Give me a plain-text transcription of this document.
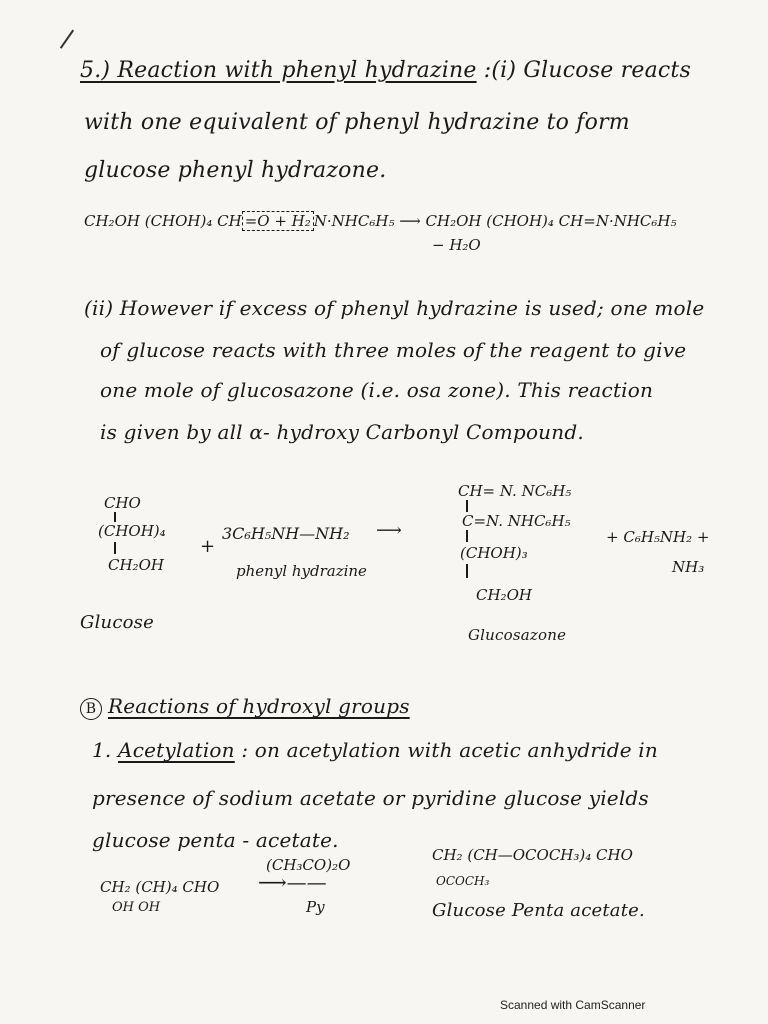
5.) Reaction with phenyl hydrazine :(i) Glucose reacts
with one equivalent of phenyl hydrazine to form
glucose phenyl hydrazone.
CH₂OH (CHOH)₄ CH =O + H₂ N·NHC₆H₅ ⟶ CH₂OH (CHOH)₄ CH=N·NHC₆H₅
− H₂O
(ii) However if excess of phenyl hydrazine is used; one mole
of glucose reacts with three moles of the reagent to give
one mole of glucosazone (i.e. osa zone). This reaction
is given by all α- hydroxy Carbonyl Compound.
CHO
(CHOH)₄
CH₂OH
+
3C₆H₅NH—NH₂ ⟶
phenyl hydrazine
CH= N. NC₆H₅
C=N. NHC₆H₅
(CHOH)₃
CH₂OH
+ C₆H₅NH₂ +
NH₃
Glucose
Glucosazone
B Reactions of hydroxyl groups
1. Acetylation : on acetylation with acetic anhydride in
presence of sodium acetate or pyridine glucose yields
glucose penta - acetate.
CH₂ (CH)₄ CHO
OH OH
(CH₃CO)₂O
⟶——
Py
CH₂ (CH—OCOCH₃)₄ CHO
OCOCH₃
Glucose Penta acetate.
Scanned with CamScanner
